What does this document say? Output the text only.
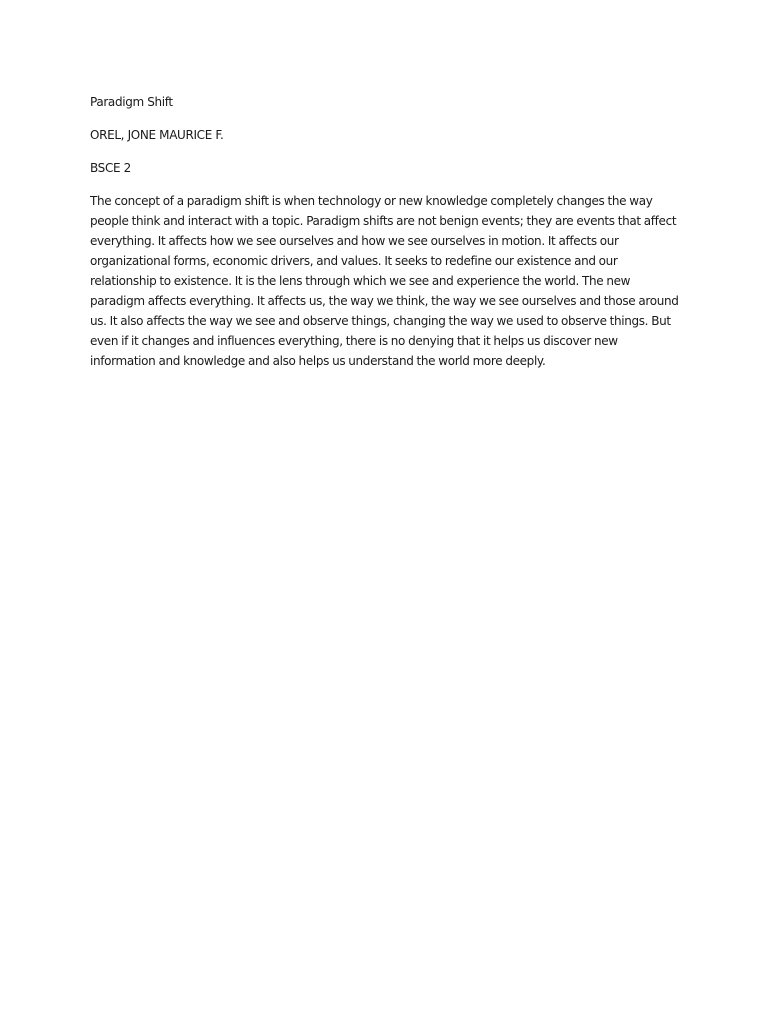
Paradigm Shift

OREL, JONE MAURICE F.

BSCE 2

The concept of a paradigm shift is when technology or new knowledge completely changes the way
people think and interact with a topic. Paradigm shifts are not benign events; they are events that affect
everything. It affects how we see ourselves and how we see ourselves in motion. It affects our
organizational forms, economic drivers, and values. It seeks to redefine our existence and our
relationship to existence. It is the lens through which we see and experience the world. The new
paradigm affects everything. It affects us, the way we think, the way we see ourselves and those around
us. It also affects the way we see and observe things, changing the way we used to observe things. But
even if it changes and influences everything, there is no denying that it helps us discover new
information and knowledge and also helps us understand the world more deeply.
